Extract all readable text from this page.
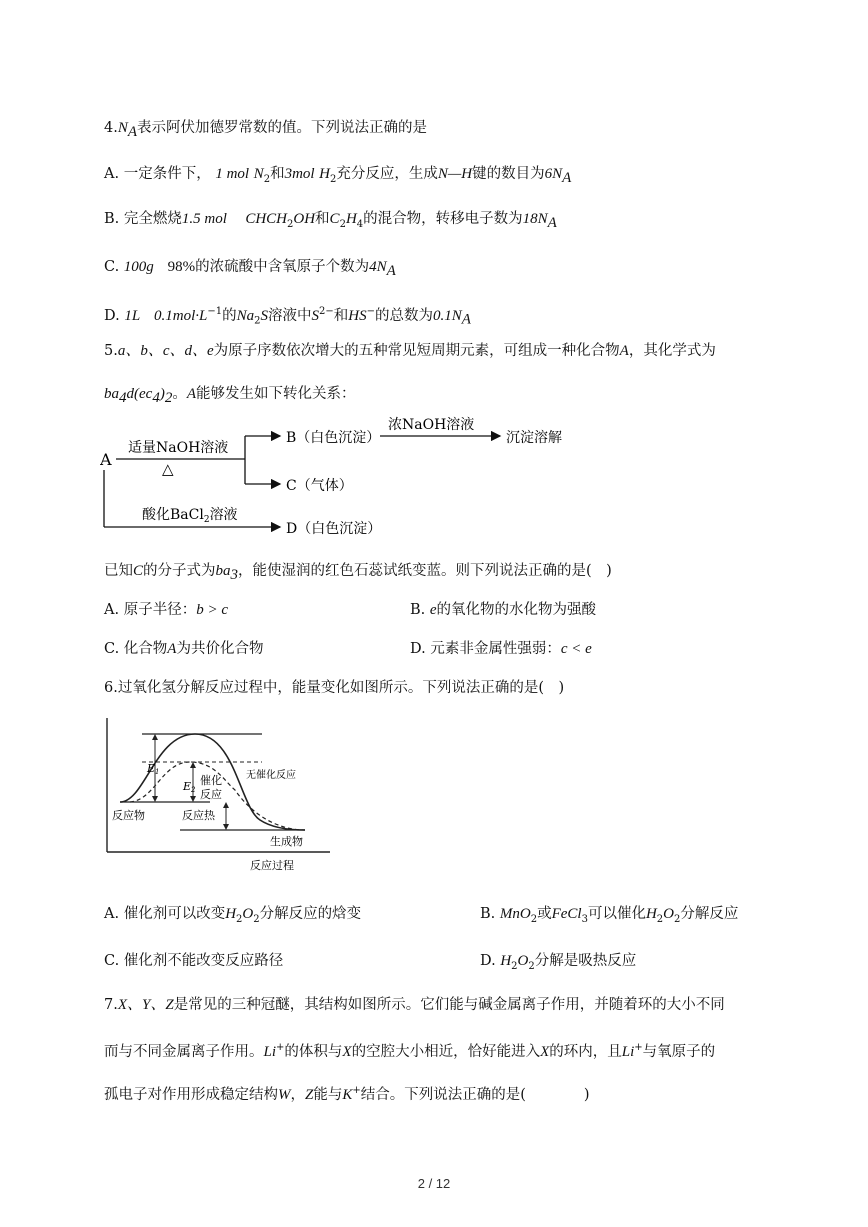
$4.N_A$表示阿伏加德罗常数的值。下列说法正确的是
A. 一定条件下， 1 mol $N_2$和3mol $H_2$充分反应，生成N—H键的数目为$6N_A$
B. 完全燃烧1.5 mol $CHCH_2OH$和$C_2H_4$的混合物，转移电子数为$18N_A$
C. 100g 98%的浓硫酸中含氧原子个数为$4N_A$
D. 1L $0.1mol\cdot L^{-1}$的$Na_2S$溶液中$S^{2-}$和HS−的总数为$0.1N_A$
5.a、b、c、d、e为原子序数依次增大的五种常见短周期元素，可组成一种化合物A，其化学式为
$ba_4d(ec_4)_2$。A能够发生如下转化关系：
A
适量NaOH溶液
△
B（白色沉淀）
浓NaOH溶液
沉淀溶解
C（气体）
酸化BaCl$_2$溶液
D（白色沉淀）
已知C的分子式为$ba_3$，能使湿润的红色石蕊试纸变蓝。则下列说法正确的是(　)
A. 原子半径：b > c	B. e的氧化物的水化物为强酸
C. 化合物A为共价化合物	D. 元素非金属性强弱：c < e
6.过氧化氢分解反应过程中，能量变化如图所示。下列说法正确的是(　)
E1
E2
催化
反应
无催化反应
反应物	反应热
生成物
反应过程
A. 催化剂可以改变$H_2O_2$分解反应的焓变	B. MnO$_2$或FeCl$_3$可以催化$H_2O_2$分解反应
C. 催化剂不能改变反应路径	D. $H_2O_2$分解是吸热反应
7.X、Y、Z是常见的三种冠醚，其结构如图所示。它们能与碱金属离子作用，并随着环的大小不同
而与不同金属离子作用。Li+的体积与X的空腔大小相近，恰好能进入X的环内，且Li+与氧原子的
孤电子对作用形成稳定结构W，Z能与K+结合。下列说法正确的是(　　　　)
2 / 12
